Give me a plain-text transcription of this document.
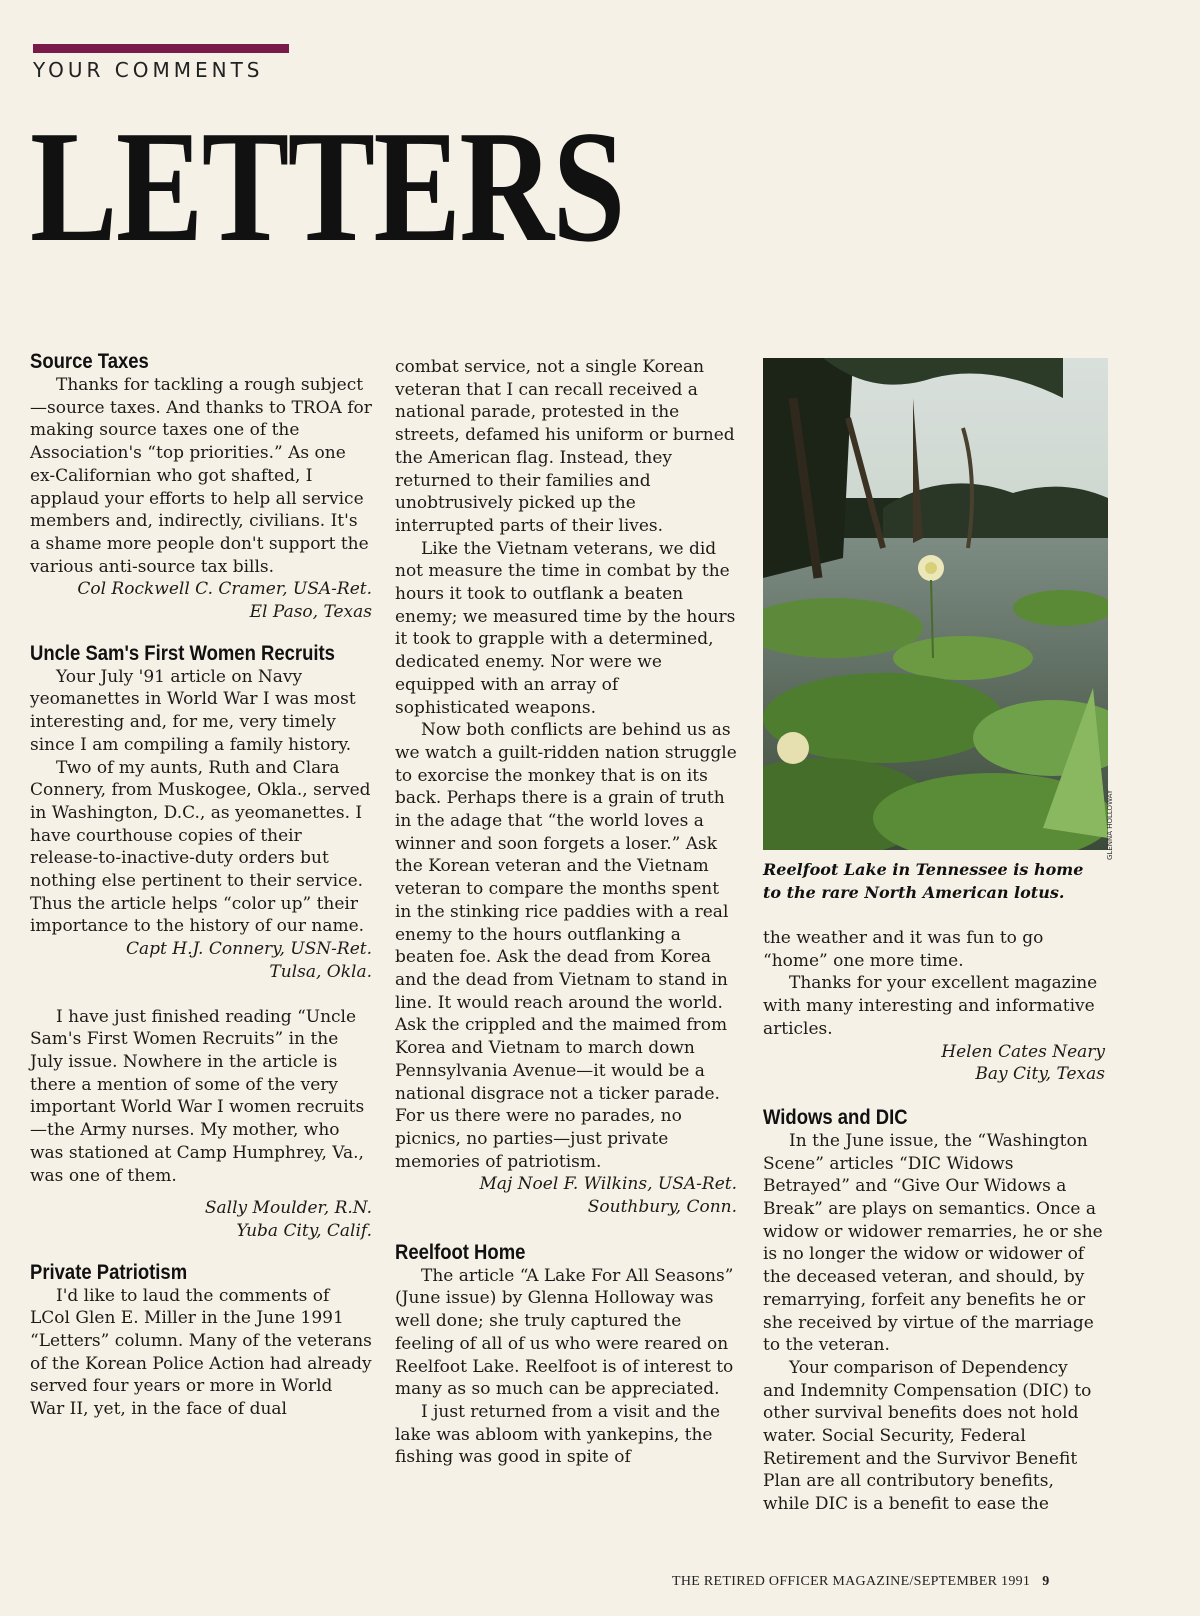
YOUR COMMENTS
LETTERS
Source Taxes

Thanks for tackling a rough subject—source taxes. And thanks to TROA for making source taxes one of the Association's “top priorities.” As one ex-Californian who got shafted, I applaud your efforts to help all service members and, indirectly, civilians. It's a shame more people don't support the various anti-source tax bills.

Col Rockwell C. Cramer, USA-Ret.
El Paso, Texas
Uncle Sam's First Women Recruits

Your July '91 article on Navy yeomanettes in World War I was most interesting and, for me, very timely since I am compiling a family history.

Two of my aunts, Ruth and Clara Connery, from Muskogee, Okla., served in Washington, D.C., as yeomanettes. I have courthouse copies of their release-to-inactive-duty orders but nothing else pertinent to their service. Thus the article helps “color up” their importance to the history of our name.

Capt H.J. Connery, USN-Ret.
Tulsa, Okla.

I have just finished reading “Uncle Sam's First Women Recruits” in the July issue. Nowhere in the article is there a mention of some of the very important World War I women recruits—the Army nurses. My mother, who was stationed at Camp Humphrey, Va., was one of them.

Sally Moulder, R.N.
Yuba City, Calif.
Private Patriotism

I'd like to laud the comments of LCol Glen E. Miller in the June 1991 “Letters” column. Many of the veterans of the Korean Police Action had already served four years or more in World War II, yet, in the face of dual

combat service, not a single Korean veteran that I can recall received a national parade, protested in the streets, defamed his uniform or burned the American flag. Instead, they returned to their families and unobtrusively picked up the interrupted parts of their lives.

Like the Vietnam veterans, we did not measure the time in combat by the hours it took to outflank a beaten enemy; we measured time by the hours it took to grapple with a determined, dedicated enemy. Nor were we equipped with an array of sophisticated weapons.

Now both conflicts are behind us as we watch a guilt-ridden nation struggle to exorcise the monkey that is on its back. Perhaps there is a grain of truth in the adage that “the world loves a winner and soon forgets a loser.” Ask the Korean veteran and the Vietnam veteran to compare the months spent in the stinking rice paddies with a real enemy to the hours outflanking a beaten foe. Ask the dead from Korea and the dead from Vietnam to stand in line. It would reach around the world. Ask the crippled and the maimed from Korea and Vietnam to march down Pennsylvania Avenue—it would be a national disgrace not a ticker parade. For us there were no parades, no picnics, no parties—just private memories of patriotism.

Maj Noel F. Wilkins, USA-Ret.
Southbury, Conn.
Reelfoot Home

The article “A Lake For All Seasons” (June issue) by Glenna Holloway was well done; she truly captured the feeling of all of us who were reared on Reelfoot Lake. Reelfoot is of interest to many as so much can be appreciated.

I just returned from a visit and the lake was abloom with yankepins, the fishing was good in spite of

GLENNA HOLLOWAY
Reelfoot Lake in Tennessee is home to the rare North American lotus.

the weather and it was fun to go “home” one more time.

Thanks for your excellent magazine with many interesting and informative articles.

Helen Cates Neary
Bay City, Texas
Widows and DIC

In the June issue, the “Washington Scene” articles “DIC Widows Betrayed” and “Give Our Widows a Break” are plays on semantics. Once a widow or widower remarries, he or she is no longer the widow or widower of the deceased veteran, and should, by remarrying, forfeit any benefits he or she received by virtue of the marriage to the veteran.

Your comparison of Dependency and Indemnity Compensation (DIC) to other survival benefits does not hold water. Social Security, Federal Retirement and the Survivor Benefit Plan are all contributory benefits, while DIC is a benefit to ease the

THE RETIRED OFFICER MAGAZINE/SEPTEMBER 1991 9
